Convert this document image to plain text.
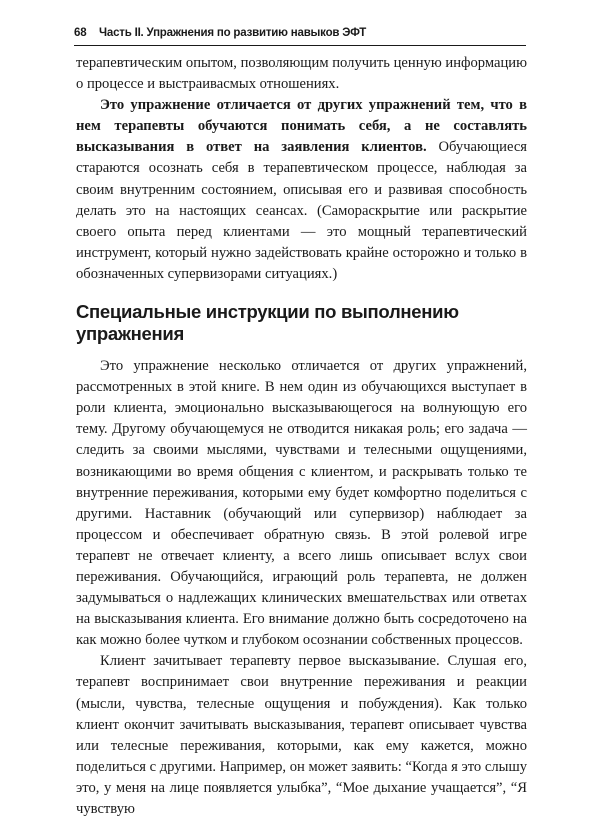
68 Часть II. Упражнения по развитию навыков ЭФТ

терапевтическим опытом, позволяющим получить ценную информацию о процессе и выстраивасмых отношениях.

Это упражнение отличается от других упражнений тем, что в нем терапевты обучаются понимать себя, а не составлять высказывания в ответ на заявления клиентов. Обучающиеся стараются осознать себя в терапевтическом процессе, наблюдая за своим внутренним состоянием, описывая его и развивая способность делать это на настоящих сеансах. (Самораскрытие или раскрытие своего опыта перед клиентами — это мощный терапевтический инструмент, который нужно задействовать крайне осторожно и только в обозначенных супервизорами ситуациях.)

Специальные инструкции по выполнению упражнения

Это упражнение несколько отличается от других упражнений, рассмотренных в этой книге. В нем один из обучающихся выступает в роли клиента, эмоционально высказывающегося на волнующую его тему. Другому обучающемуся не отводится никакая роль; его задача — следить за своими мыслями, чувствами и телесными ощущениями, возникающими во время общения с клиентом, и раскрывать только те внутренние переживания, которыми ему будет комфортно поделиться с другими. Наставник (обучающий или супервизор) наблюдает за процессом и обеспечивает обратную связь. В этой ролевой игре терапевт не отвечает клиенту, а всего лишь описывает вслух свои переживания. Обучающийся, играющий роль терапевта, не должен задумываться о надлежащих клинических вмешательствах или ответах на высказывания клиента. Его внимание должно быть сосредоточено на как можно более чутком и глубоком осознании собственных процессов.

Клиент зачитывает терапевту первое высказывание. Слушая его, терапевт воспринимает свои внутренние переживания и реакции (мысли, чувства, телесные ощущения и побуждения). Как только клиент окончит зачитывать высказывания, терапевт описывает чувства или телесные переживания, которыми, как ему кажется, можно поделиться с другими. Например, он может заявить: “Когда я это слышу это, у меня на лице появляется улыбка”, “Мое дыхание учащается”, “Я чувствую
